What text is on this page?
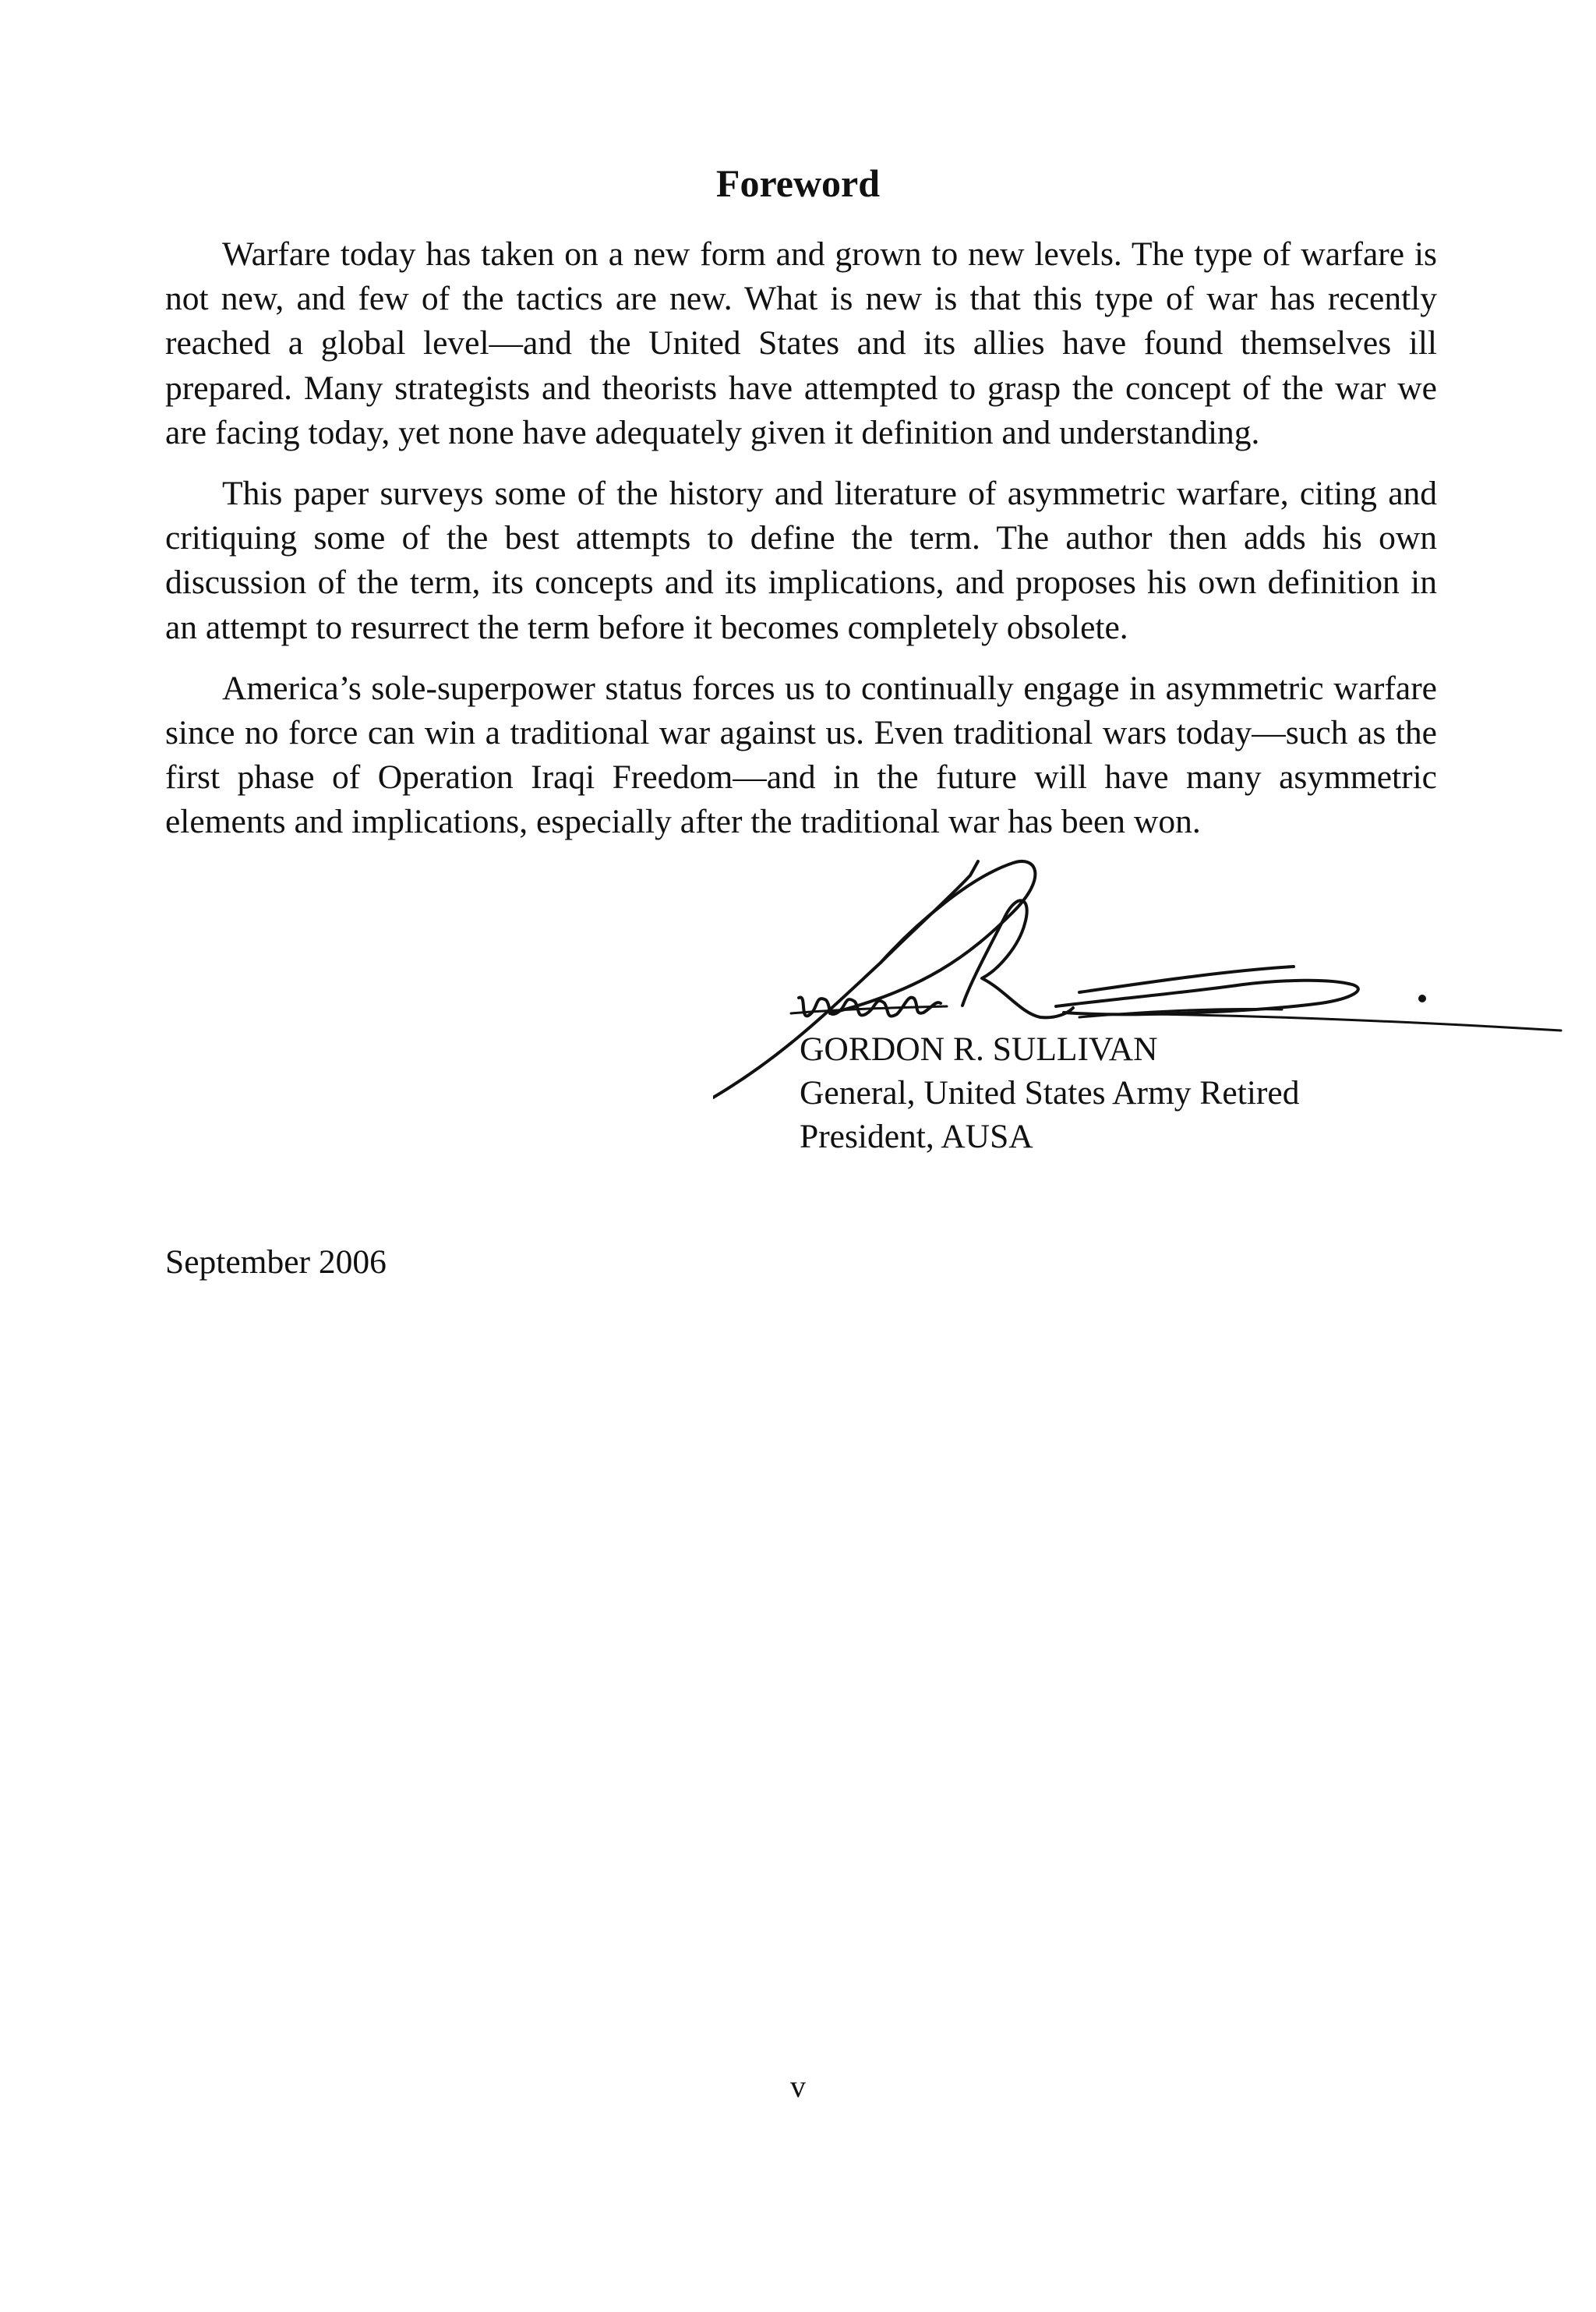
Foreword

Warfare today has taken on a new form and grown to new levels. The type of warfare is not new, and few of the tactics are new. What is new is that this type of war has recently reached a global level—and the United States and its allies have found themselves ill prepared. Many strategists and theorists have attempted to grasp the concept of the war we are facing today, yet none have adequately given it definition and understanding.

This paper surveys some of the history and literature of asymmetric warfare, citing and critiquing some of the best attempts to define the term. The author then adds his own discussion of the term, its concepts and its implications, and proposes his own definition in an attempt to resurrect the term before it becomes completely obsolete.

America’s sole-superpower status forces us to continually engage in asymmetric warfare since no force can win a traditional war against us. Even traditional wars today—such as the first phase of Operation Iraqi Freedom—and in the future will have many asymmetric elements and implications, especially after the traditional war has been won.

GORDON R. SULLIVAN
General, United States Army Retired
President, AUSA
September 2006
v
